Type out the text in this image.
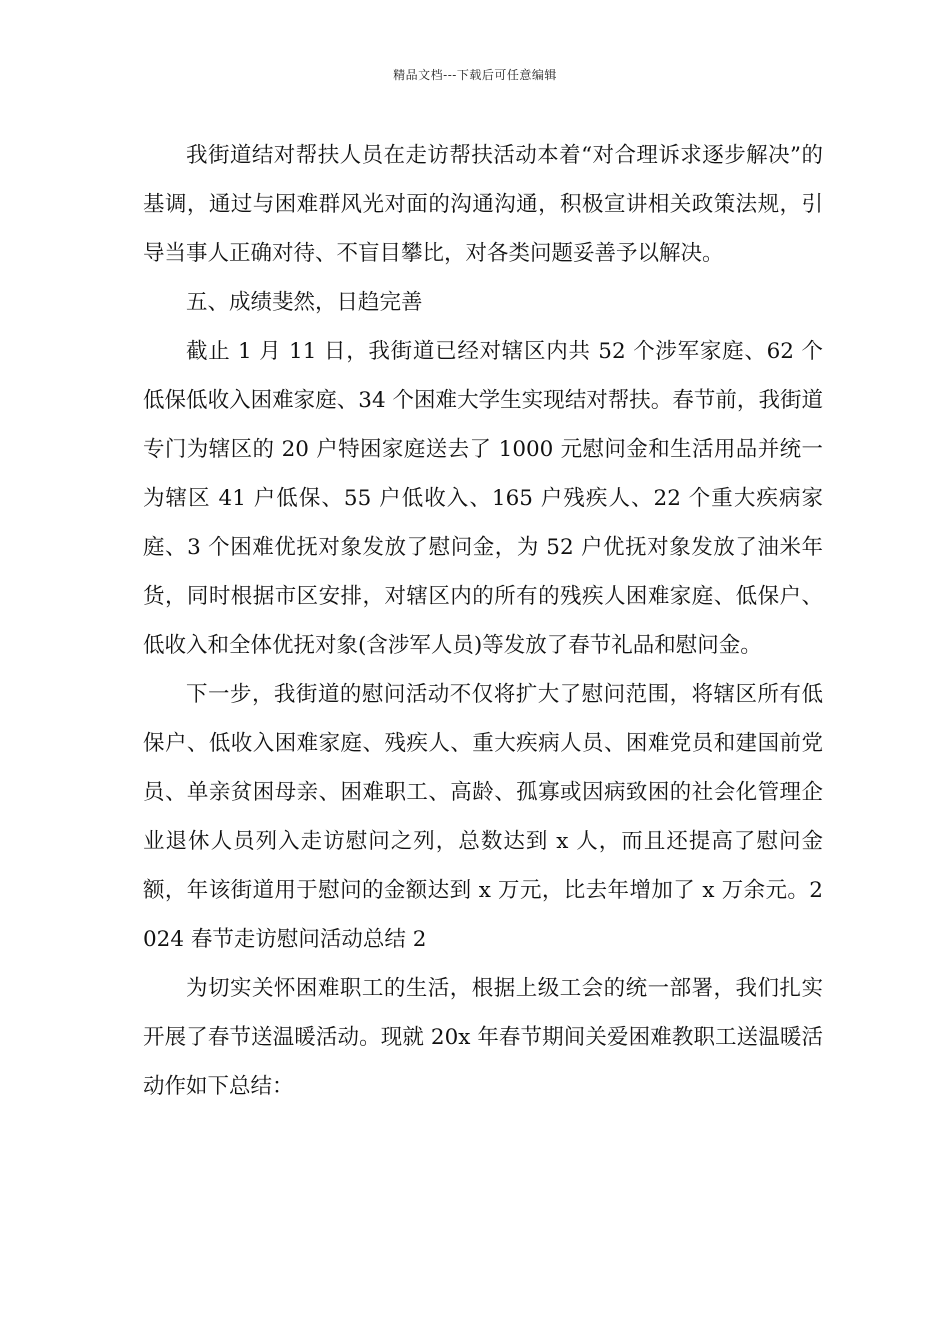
精品文档---下载后可任意编辑

我街道结对帮扶人员在走访帮扶活动本着“对合理诉求逐步解决”的基调，通过与困难群风光对面的沟通沟通，积极宣讲相关政策法规，引导当事人正确对待、不盲目攀比，对各类问题妥善予以解决。

五、成绩斐然，日趋完善

截止 1 月 11 日，我街道已经对辖区内共 52 个涉军家庭、62 个低保低收入困难家庭、34 个困难大学生实现结对帮扶。春节前，我街道专门为辖区的 20 户特困家庭送去了 1000 元慰问金和生活用品并统一为辖区 41 户低保、55 户低收入、165 户残疾人、22 个重大疾病家庭、3 个困难优抚对象发放了慰问金，为 52 户优抚对象发放了油米年货，同时根据市区安排，对辖区内的所有的残疾人困难家庭、低保户、低收入和全体优抚对象(含涉军人员)等发放了春节礼品和慰问金。

下一步，我街道的慰问活动不仅将扩大了慰问范围，将辖区所有低保户、低收入困难家庭、残疾人、重大疾病人员、困难党员和建国前党员、单亲贫困母亲、困难职工、高龄、孤寡或因病致困的社会化管理企业退休人员列入走访慰问之列，总数达到 x 人，而且还提高了慰问金额，年该街道用于慰问的金额达到 x 万元，比去年增加了 x 万余元。2024 春节走访慰问活动总结 2

为切实关怀困难职工的生活，根据上级工会的统一部署，我们扎实开展了春节送温暖活动。现就 20x 年春节期间关爱困难教职工送温暖活动作如下总结：
